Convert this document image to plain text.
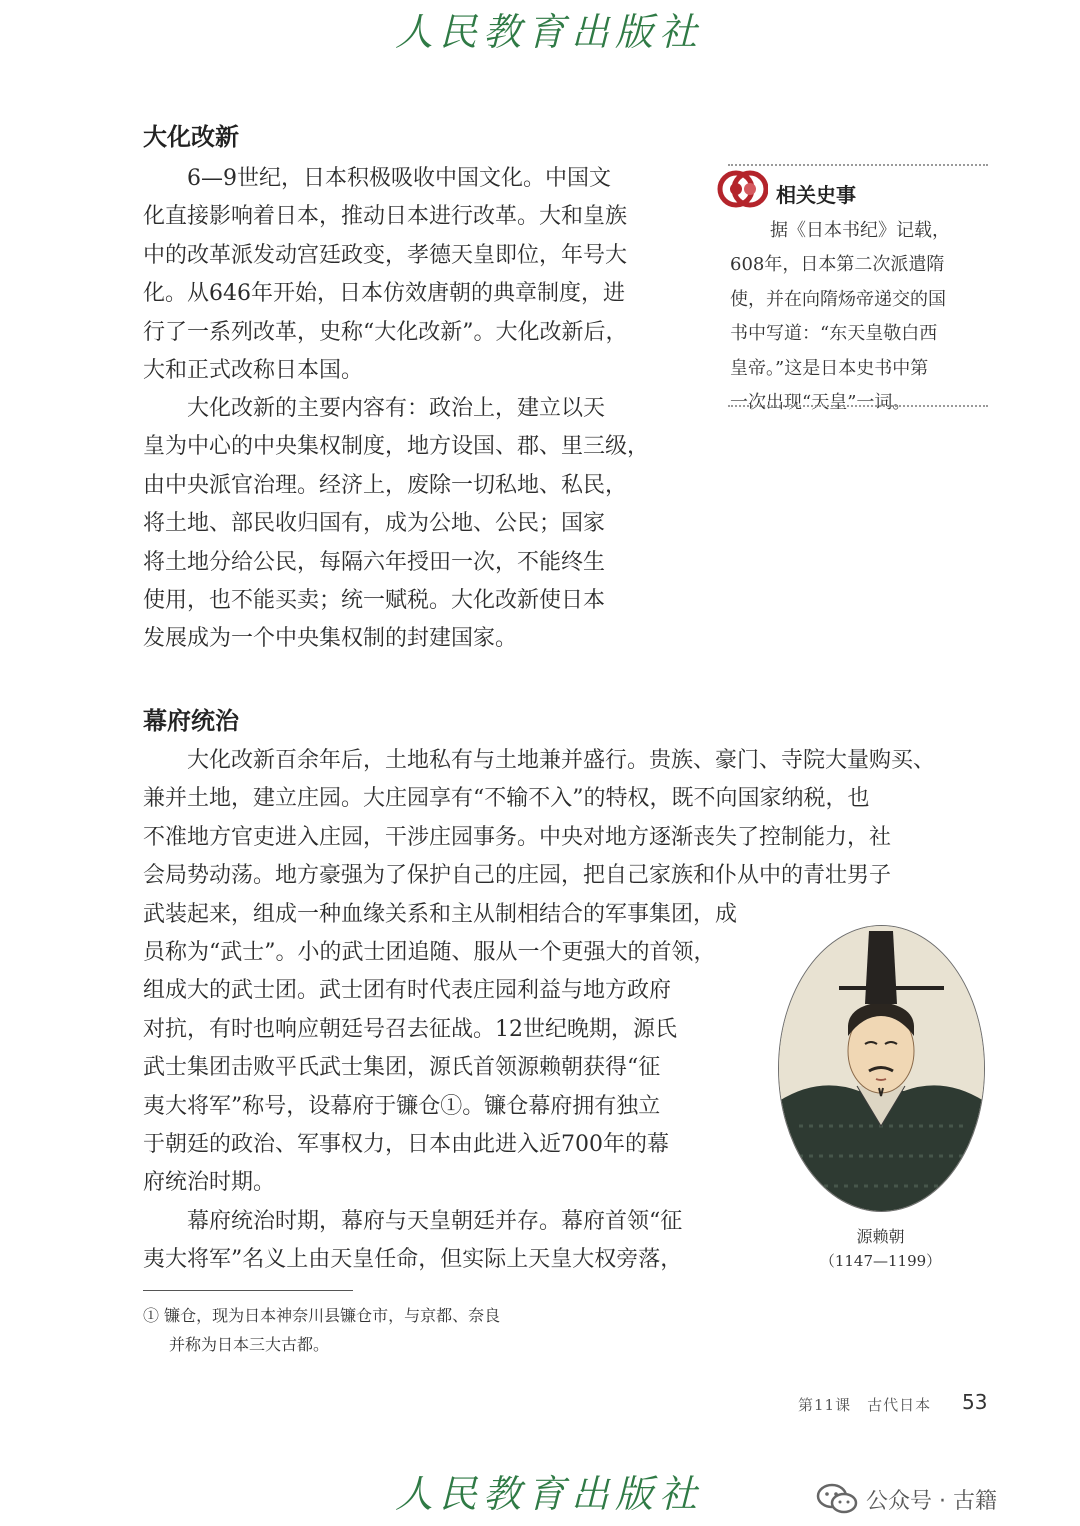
人民教育出版社
大化改新
6—9世纪，日本积极吸收中国文化。中国文
化直接影响着日本，推动日本进行改革。大和皇族
中的改革派发动宫廷政变，孝德天皇即位，年号大
化。从646年开始，日本仿效唐朝的典章制度，进
行了一系列改革，史称“大化改新”。大化改新后，
大和正式改称日本国。
大化改新的主要内容有：政治上，建立以天
皇为中心的中央集权制度，地方设国、郡、里三级，
由中央派官治理。经济上，废除一切私地、私民，
将土地、部民收归国有，成为公地、公民；国家
将土地分给公民，每隔六年授田一次，不能终生
使用，也不能买卖；统一赋税。大化改新使日本
发展成为一个中央集权制的封建国家。
相关史事
据《日本书纪》记载，
608年，日本第二次派遣隋
使，并在向隋炀帝递交的国
书中写道：“东天皇敬白西
皇帝。”这是日本史书中第
一次出现“天皇”一词。
幕府统治
大化改新百余年后，土地私有与土地兼并盛行。贵族、豪门、寺院大量购买、
兼并土地，建立庄园。大庄园享有“不输不入”的特权，既不向国家纳税，也
不准地方官吏进入庄园，干涉庄园事务。中央对地方逐渐丧失了控制能力，社
会局势动荡。地方豪强为了保护自己的庄园，把自己家族和仆从中的青壮男子
武装起来，组成一种血缘关系和主从制相结合的军事集团，成
员称为“武士”。小的武士团追随、服从一个更强大的首领，
组成大的武士团。武士团有时代表庄园利益与地方政府
对抗，有时也响应朝廷号召去征战。12世纪晚期，源氏
武士集团击败平氏武士集团，源氏首领源赖朝获得“征
夷大将军”称号，设幕府于镰仓①。镰仓幕府拥有独立
于朝廷的政治、军事权力，日本由此进入近700年的幕
府统治时期。
幕府统治时期，幕府与天皇朝廷并存。幕府首领“征
夷大将军”名义上由天皇任命，但实际上天皇大权旁落，
源赖朝
（1147—1199）
① 镰仓，现为日本神奈川县镰仓市，与京都、奈良
并称为日本三大古都。
第11课　古代日本 53
人民教育出版社	公众号 · 古籍
